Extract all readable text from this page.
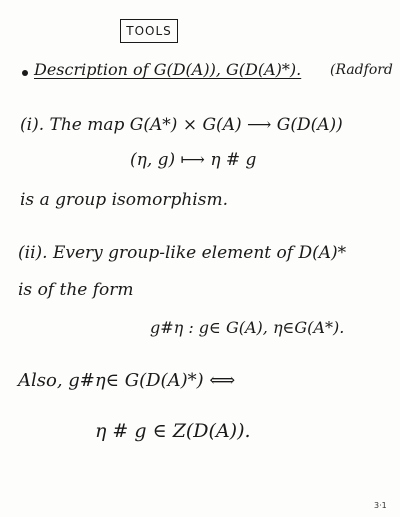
TOOLS
Description of G(D(A)), G(D(A)*). (Radford
(i). The map G(A*) × G(A) ⟶ G(D(A))
(η, g) ⟼ η # g
is a group isomorphism.
(ii). Every group-like element of D(A)*
is of the form
g#η : g∈ G(A), η∈G(A*).
Also, g#η∈ G(D(A)*) ⟺
η # g ∈ Z(D(A)).
3·1
